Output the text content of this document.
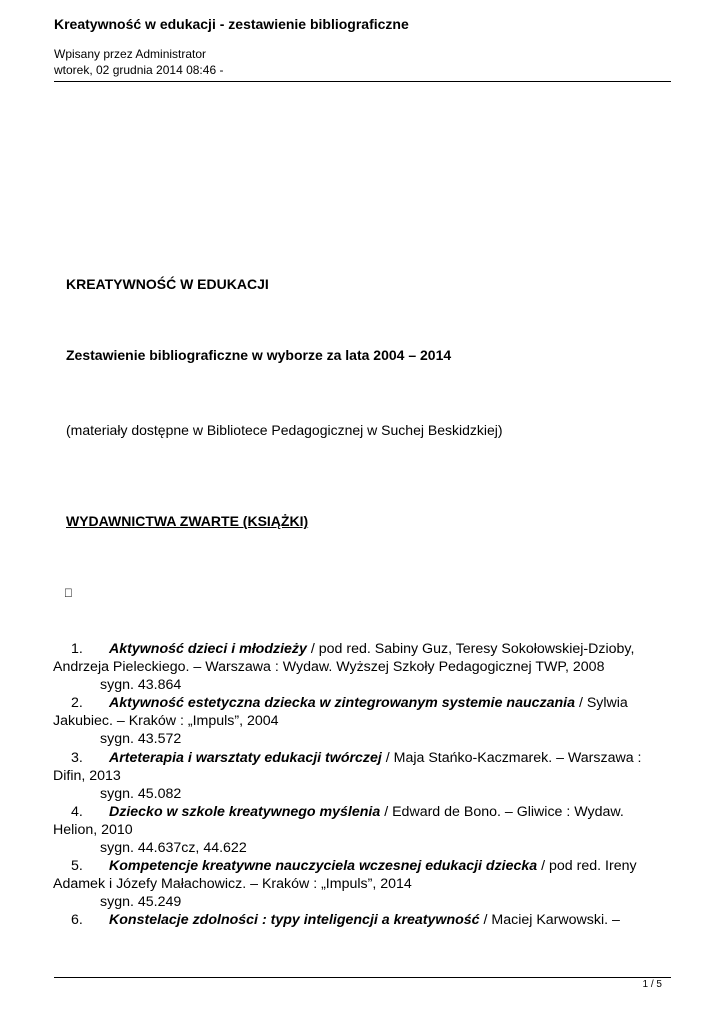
Kreatywność w edukacji - zestawienie bibliograficzne
Wpisany przez Administrator
wtorek, 02 grudnia 2014 08:46 -
KREATYWNOŚĆ W EDUKACJI
Zestawienie bibliograficzne w wyborze za lata 2004 – 2014
(materiały dostępne w Bibliotece Pedagogicznej w Suchej Beskidzkiej)
WYDAWNICTWA ZWARTE (KSIĄŻKI)
1. Aktywność dzieci i młodzieży / pod red. Sabiny Guz, Teresy Sokołowskiej-Dzioby,
Andrzeja Pieleckiego. – Warszawa : Wydaw. Wyższej Szkoły Pedagogicznej TWP, 2008
sygn. 43.864
2. Aktywność estetyczna dziecka w zintegrowanym systemie nauczania / Sylwia
Jakubiec. – Kraków : „Impuls”, 2004
sygn. 43.572
3. Arteterapia i warsztaty edukacji twórczej / Maja Stańko-Kaczmarek. – Warszawa :
Difin, 2013
sygn. 45.082
4. Dziecko w szkole kreatywnego myślenia / Edward de Bono. – Gliwice : Wydaw.
Helion, 2010
sygn. 44.637cz, 44.622
5. Kompetencje kreatywne nauczyciela wczesnej edukacji dziecka / pod red. Ireny
Adamek i Józefy Małachowicz. – Kraków : „Impuls”, 2014
sygn. 45.249
6. Konstelacje zdolności : typy inteligencji a kreatywność / Maciej Karwowski. –
1 / 5
